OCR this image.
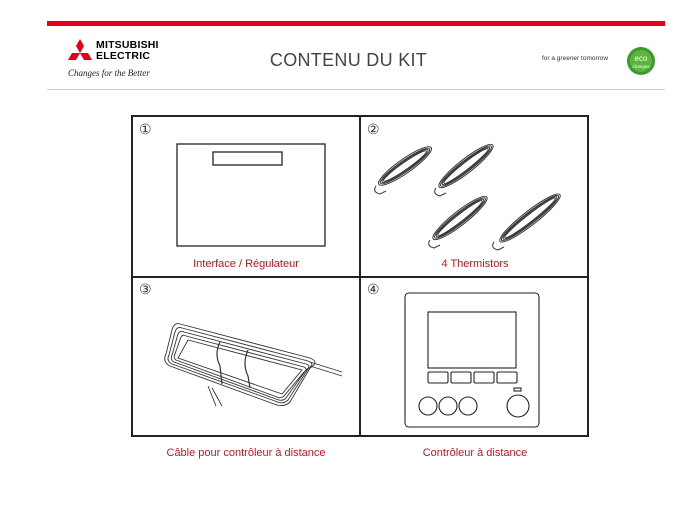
MITSUBISHI
ELECTRIC
Changes for the Better
CONTENU DU KIT	for a greener tomorrow	eco
changes
①
Interface / Régulateur
②
4 Thermistors
③
Câble pour contrôleur à distance
④
Contrôleur à distance
